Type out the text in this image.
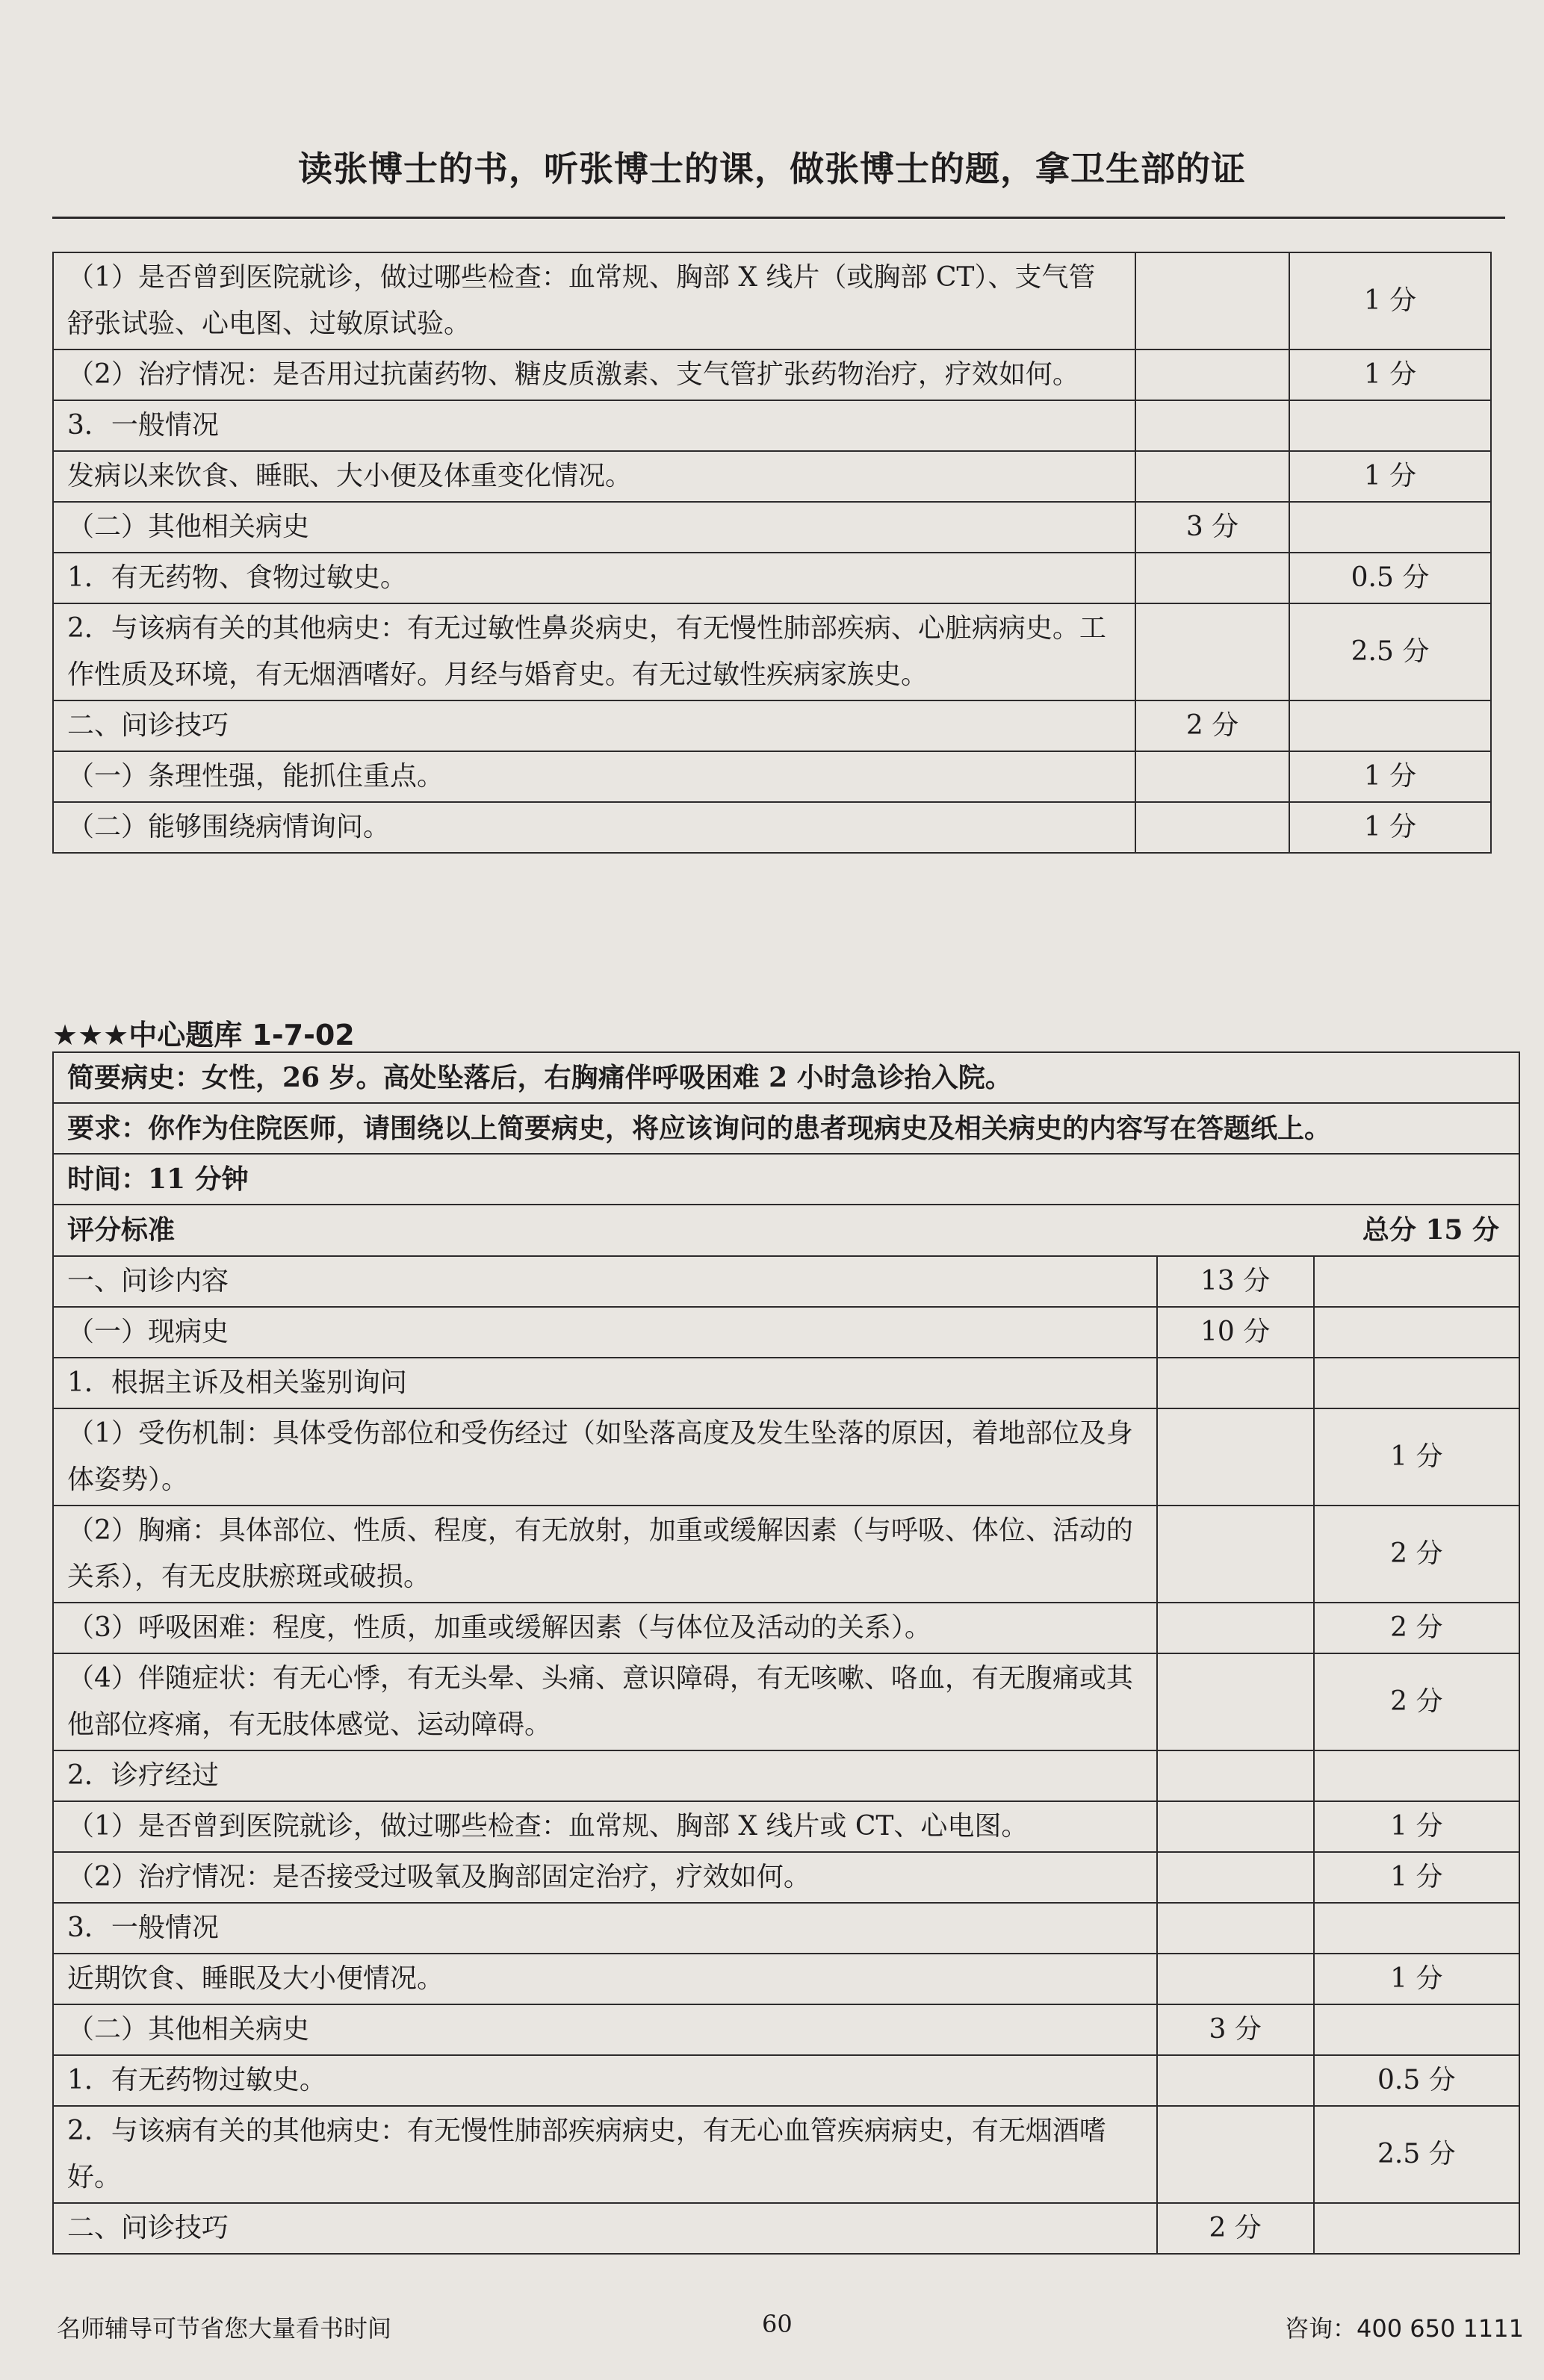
读张博士的书，听张博士的课，做张博士的题，拿卫生部的证
（1）是否曾到医院就诊，做过哪些检查：血常规、胸部 X 线片（或胸部 CT）、支气管舒张试验、心电图、过敏原试验。		1 分
（2）治疗情况：是否用过抗菌药物、糖皮质激素、支气管扩张药物治疗，疗效如何。		1 分
3．一般情况		
发病以来饮食、睡眠、大小便及体重变化情况。		1 分
（二）其他相关病史	3 分	
1．有无药物、食物过敏史。		0.5 分
2．与该病有关的其他病史：有无过敏性鼻炎病史，有无慢性肺部疾病、心脏病病史。工作性质及环境，有无烟酒嗜好。月经与婚育史。有无过敏性疾病家族史。		2.5 分
二、问诊技巧	2 分	
（一）条理性强，能抓住重点。		1 分
（二）能够围绕病情询问。		1 分
★★★中心题库 1-7-02
简要病史：女性，26 岁。高处坠落后，右胸痛伴呼吸困难 2 小时急诊抬入院。		
要求：你作为住院医师，请围绕以上简要病史，将应该询问的患者现病史及相关病史的内容写在答题纸上。		
时间：11 分钟		
评分标准 总分 15 分		

一、问诊内容	13 分	
（一）现病史	10 分	
1．根据主诉及相关鉴别询问		
（1）受伤机制：具体受伤部位和受伤经过（如坠落高度及发生坠落的原因，着地部位及身体姿势）。		1 分
（2）胸痛：具体部位、性质、程度，有无放射，加重或缓解因素（与呼吸、体位、活动的关系），有无皮肤瘀斑或破损。		2 分
（3）呼吸困难：程度，性质，加重或缓解因素（与体位及活动的关系）。		2 分
（4）伴随症状：有无心悸，有无头晕、头痛、意识障碍，有无咳嗽、咯血，有无腹痛或其他部位疼痛，有无肢体感觉、运动障碍。		2 分
2．诊疗经过		
（1）是否曾到医院就诊，做过哪些检查：血常规、胸部 X 线片或 CT、心电图。		1 分
（2）治疗情况：是否接受过吸氧及胸部固定治疗，疗效如何。		1 分
3．一般情况		
近期饮食、睡眠及大小便情况。		1 分
（二）其他相关病史	3 分	
1．有无药物过敏史。		0.5 分
2．与该病有关的其他病史：有无慢性肺部疾病病史，有无心血管疾病病史，有无烟酒嗜好。		2.5 分
二、问诊技巧	2 分	
名师辅导可节省您大量看书时间	60	咨询：400 650 1111
